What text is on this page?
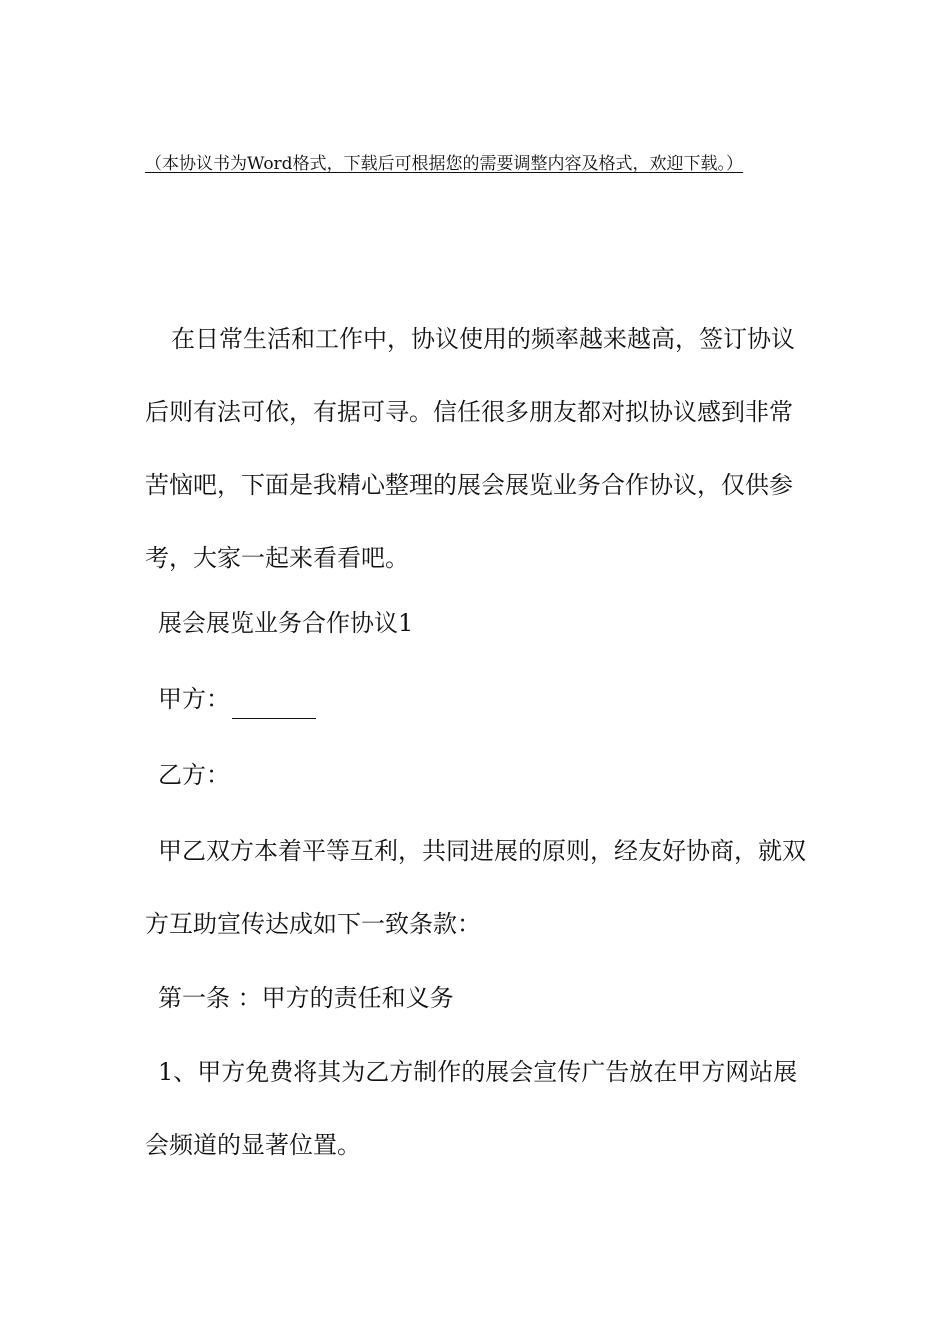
（本协议书为Word格式，下载后可根据您的需要调整内容及格式，欢迎下载。）

在日常生活和工作中，协议使用的频率越来越高，签订协议后则有法可依，有据可寻。信任很多朋友都对拟协议感到非常苦恼吧，下面是我精心整理的展会展览业务合作协议，仅供参考，大家一起来看看吧。

展会展览业务合作协议1

甲方：

乙方：

甲乙双方本着平等互利，共同进展的原则，经友好协商，就双方互助宣传达成如下一致条款：

第一条 ：甲方的责任和义务

1、甲方免费将其为乙方制作的展会宣传广告放在甲方网站展会频道的显著位置。
